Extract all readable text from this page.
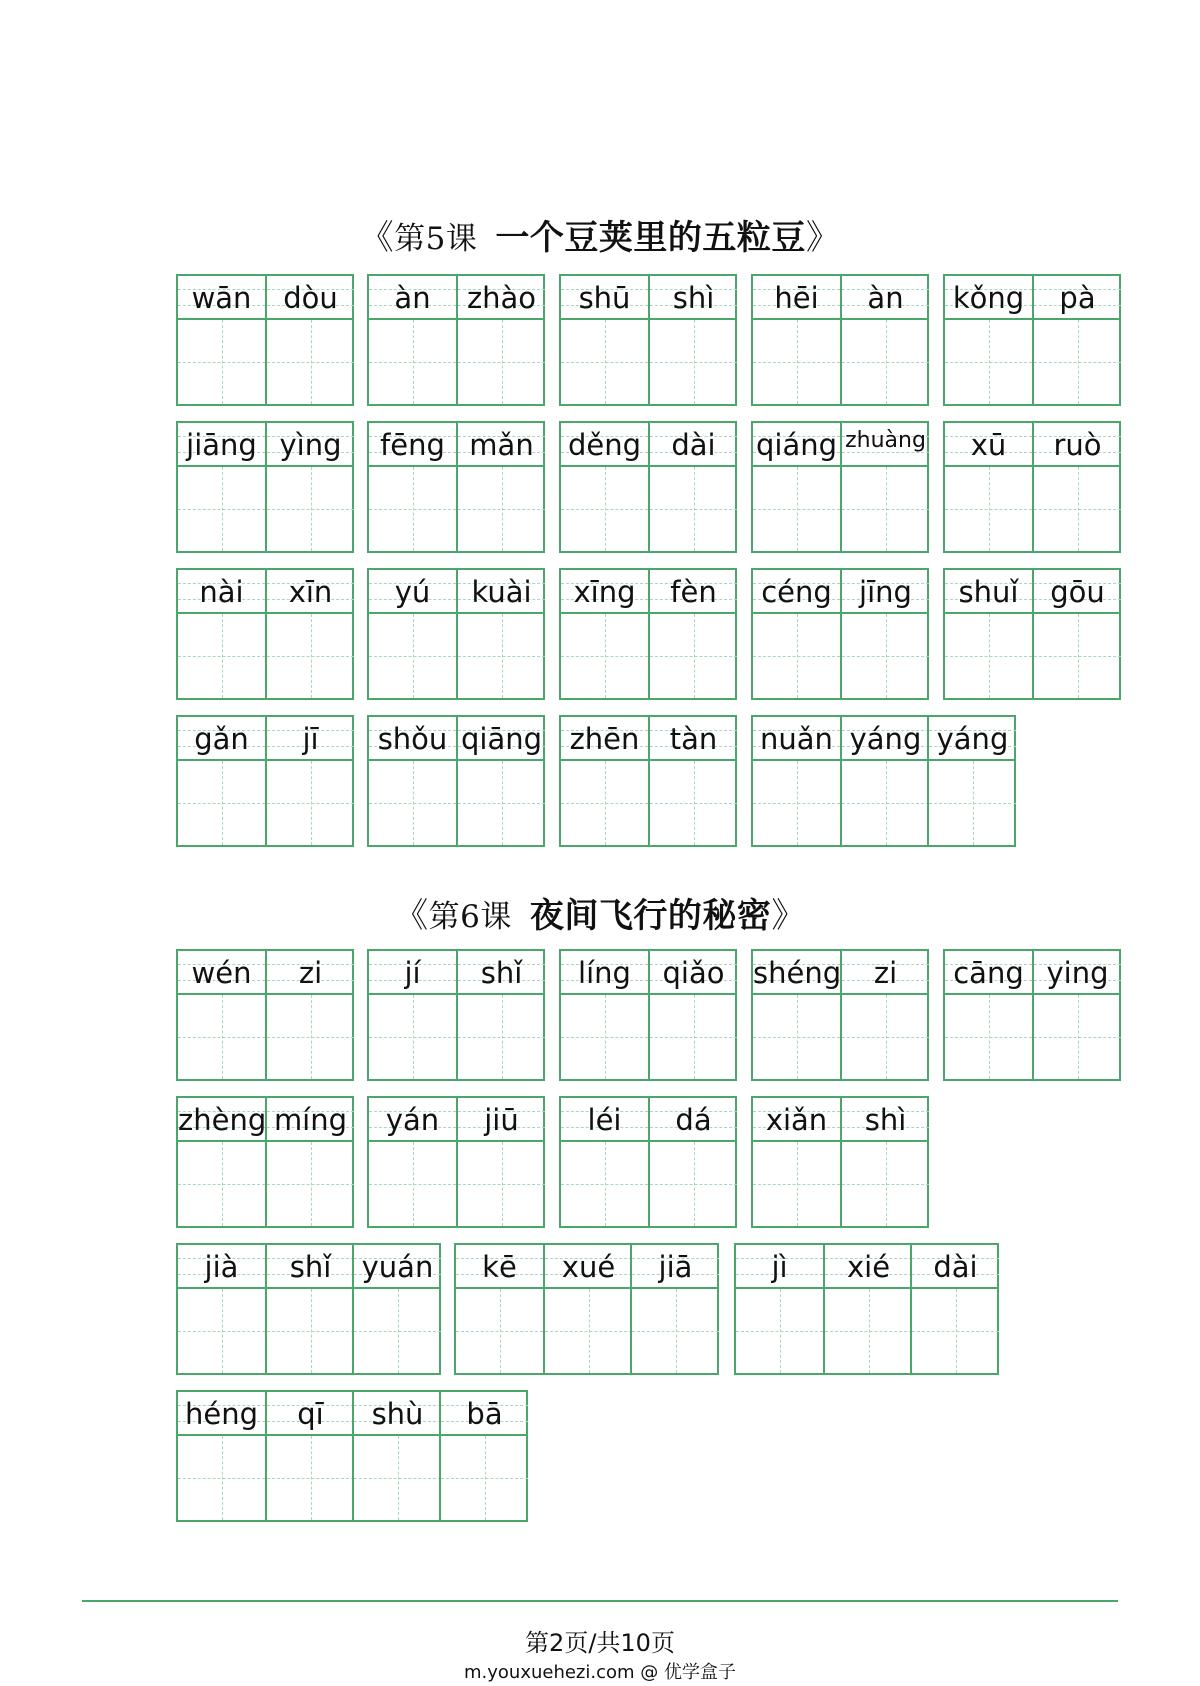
《第5课 一个豆荚里的五粒豆》
《第6课 夜间飞行的秘密》
wān	dòu	àn	zhào	shū	shì	hēi	àn	kǒng	pà
jiāng yìng	fēng mǎn	děng	dài	qiáng zhuàng	xū	ruò
nài	xīn	yú	kuài	xīng	fèn	céng jīng	shuǐ	gōu
gǎn	jī	shǒu qiāng zhēn	tàn	nuǎn yáng yáng
wén	zi	jí	shǐ	líng	qiǎo shéng	zi	cāng ying
zhèng míng	yán	jiū	léi	dá	xiǎn	shì
jià	shǐ	yuán	kē	xué	jiā	jì	xié	dài
héng	qī	shù	bā
第2页/共10页
m.youxuehezi.com @ 优学盒子
